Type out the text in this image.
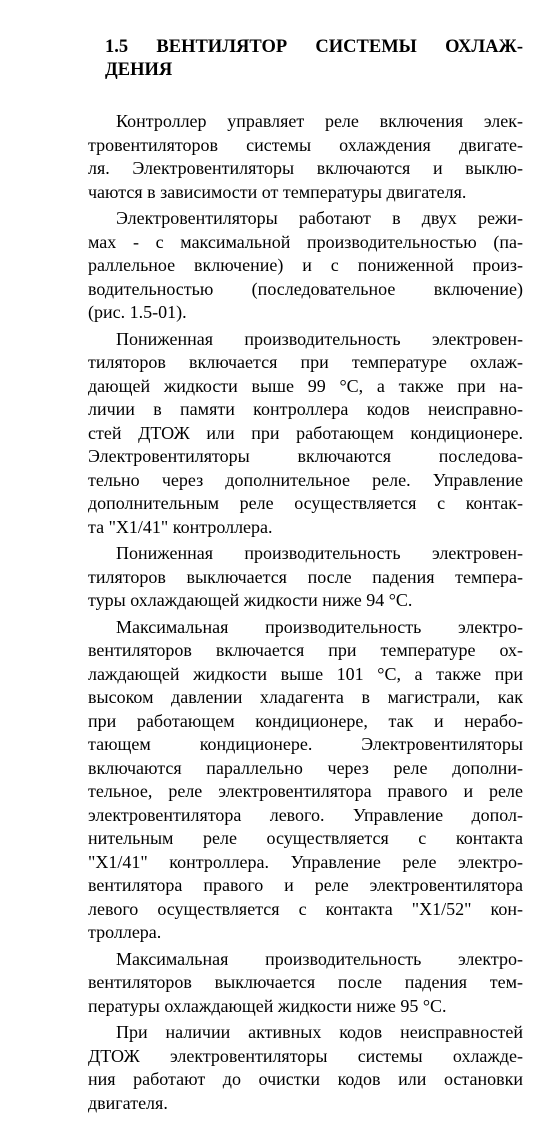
1.5 ВЕНТИЛЯТОР СИСТЕМЫ ОХЛАЖ-
ДЕНИЯ
Контроллер управляет реле включения элек-
тровентиляторов системы охлаждения двигате-
ля. Электровентиляторы включаются и выклю-
чаются в зависимости от температуры двигателя.
Электровентиляторы работают в двух режи-
мах - с максимальной производительностью (па-
раллельное включение) и с пониженной произ-
водительностью (последовательное включение)
(рис. 1.5-01).
Пониженная производительность электровен-
тиляторов включается при температуре охлаж-
дающей жидкости выше 99 °C, а также при на-
личии в памяти контроллера кодов неисправно-
стей ДТОЖ или при работающем кондиционере.
Электровентиляторы включаются последова-
тельно через дополнительное реле. Управление
дополнительным реле осуществляется с контак-
та "X1/41" контроллера.
Пониженная производительность электровен-
тиляторов выключается после падения темпера-
туры охлаждающей жидкости ниже 94 °C.
Максимальная производительность электро-
вентиляторов включается при температуре ох-
лаждающей жидкости выше 101 °C, а также при
высоком давлении хладагента в магистрали, как
при работающем кондиционере, так и нерабо-
тающем кондиционере. Электровентиляторы
включаются параллельно через реле дополни-
тельное, реле электровентилятора правого и реле
электровентилятора левого. Управление допол-
нительным реле осуществляется с контакта
"X1/41" контроллера. Управление реле электро-
вентилятора правого и реле электровентилятора
левого осуществляется с контакта "X1/52" кон-
троллера.
Максимальная производительность электро-
вентиляторов выключается после падения тем-
пературы охлаждающей жидкости ниже 95 °C.
При наличии активных кодов неисправностей
ДТОЖ электровентиляторы системы охлажде-
ния работают до очистки кодов или остановки
двигателя.
